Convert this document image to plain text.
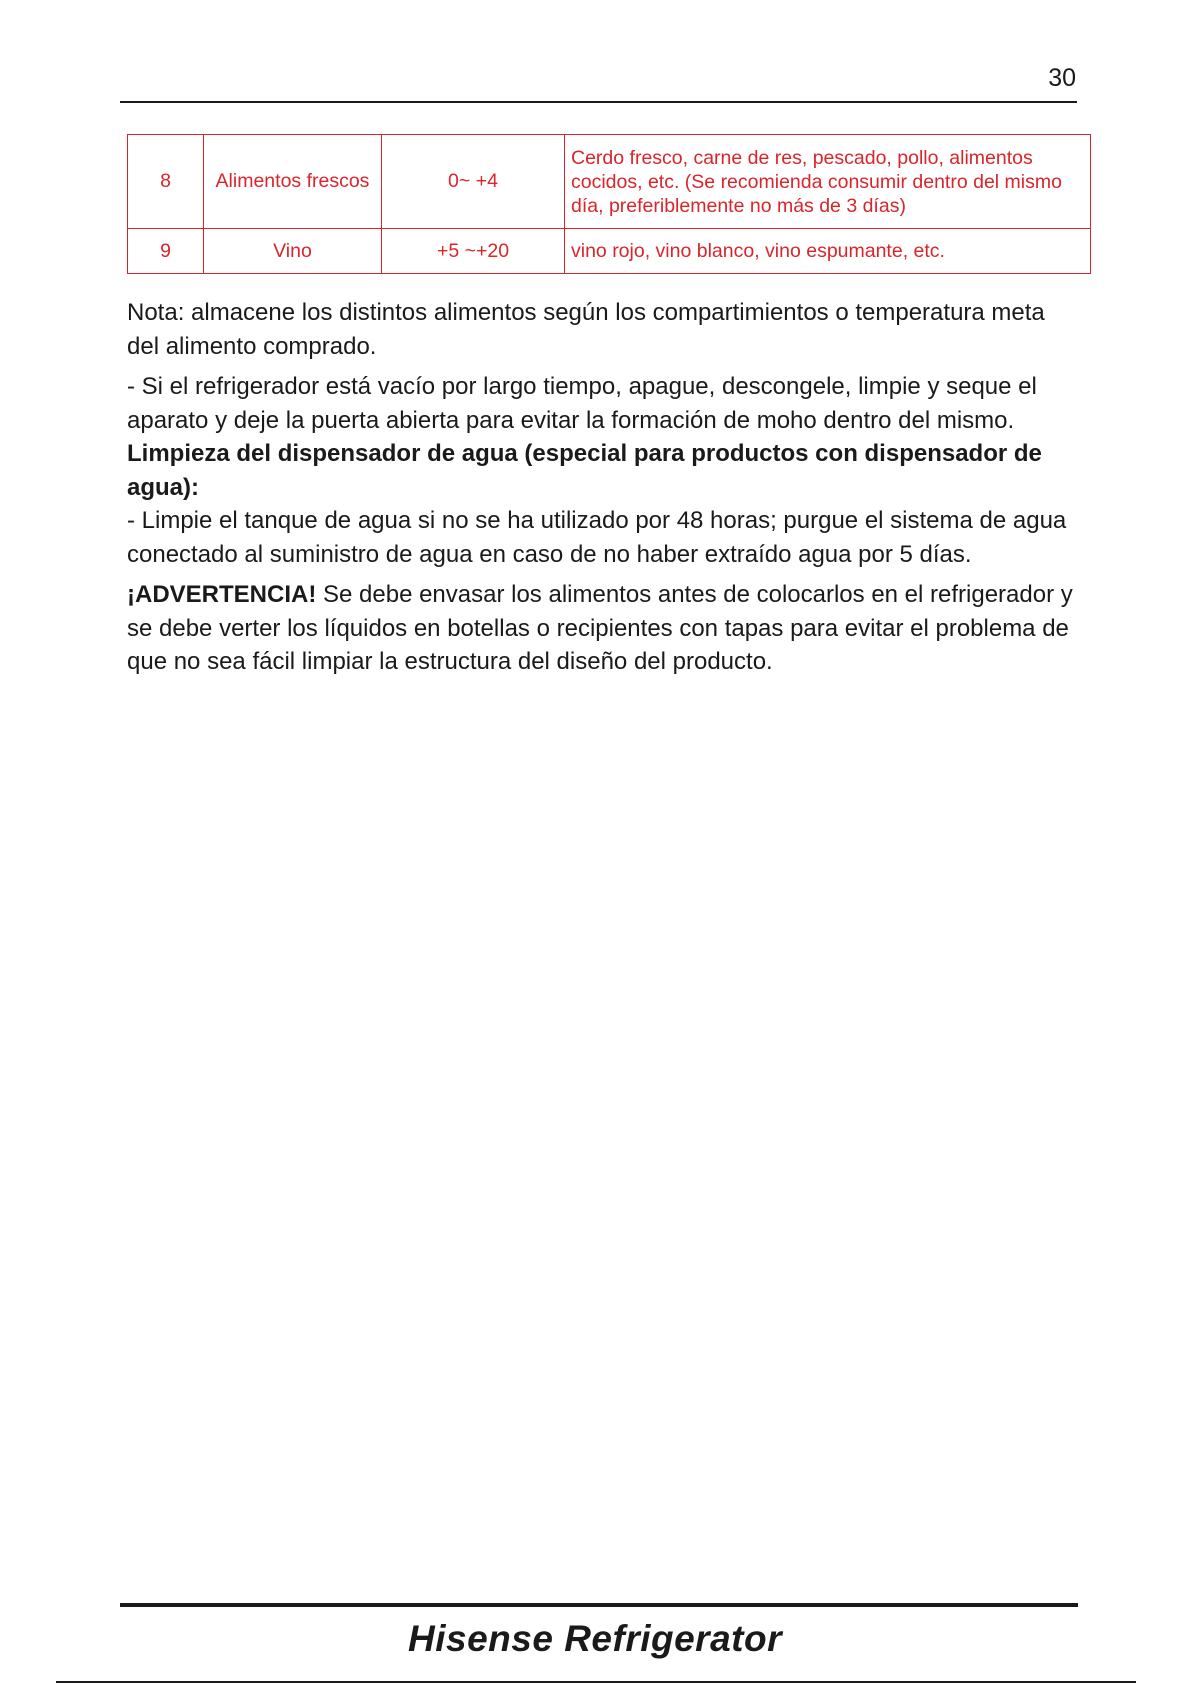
30
8	Alimentos frescos	0~ +4	Cerdo fresco, carne de res, pescado, pollo, alimentos cocidos, etc. (Se recomienda consumir dentro del mismo día, preferiblemente no más de 3 días)
9	Vino	+5 ~+20	vino rojo, vino blanco, vino espumante, etc.

Nota: almacene los distintos alimentos según los compartimientos o temperatura meta del alimento comprado.

- Si el refrigerador está vacío por largo tiempo, apague, descongele, limpie y seque el aparato y deje la puerta abierta para evitar la formación de moho dentro del mismo.

Limpieza del dispensador de agua (especial para productos con dispensador de agua):

- Limpie el tanque de agua si no se ha utilizado por 48 horas; purgue el sistema de agua conectado al suministro de agua en caso de no haber extraído agua por 5 días.

¡ADVERTENCIA! Se debe envasar los alimentos antes de colocarlos en el refrigerador y se debe verter los líquidos en botellas o recipientes con tapas para evitar el problema de que no sea fácil limpiar la estructura del diseño del producto.

Hisense Refrigerator
